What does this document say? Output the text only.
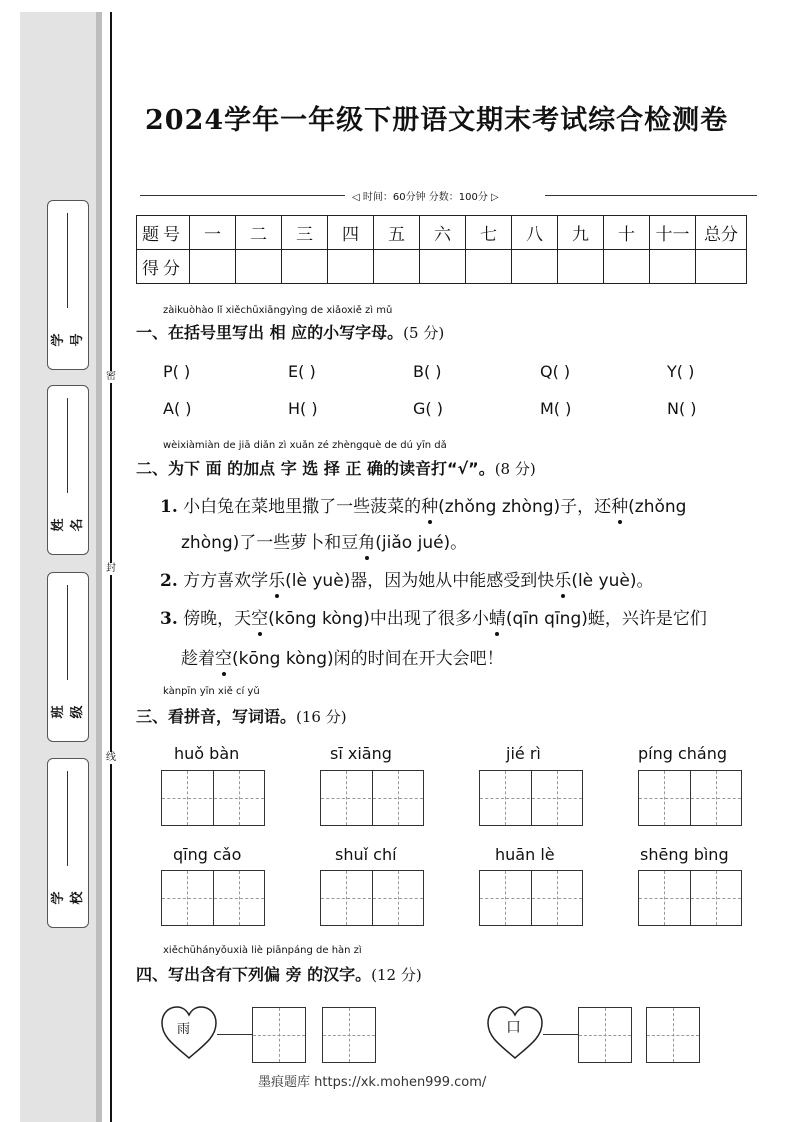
学号
姓名
班级
学校
密
封
线
2024学年一年级下册语文期末考试综合检测卷
◁ 时间：60分钟 分数：100分 ▷
题号	一	二	三	四	五	六	七	八	九	十	十一	总分
得分												
zàikuòhào lǐ xiěchūxiāngyìng de xiǎoxiě zì mǔ
一、在括号里写出 相 应的小写字母。(5 分)
P( )	E( )	B( )	Q( )	Y( )
A( )	H( )	G( )	M( )	N( )
wèixiàmiàn de jiā diǎn zì xuǎn zé zhèngquè de dú yīn dǎ
二、为下 面 的加点 字 选 择 正 确的读音打“√”。(8 分)
1. 小白兔在菜地里撒了一些菠菜的种(zhǒng zhòng)子，还种(zhǒng
zhòng)了一些萝卜和豆角(jiǎo jué)。
2. 方方喜欢学乐(lè yuè)器，因为她从中能感受到快乐(lè yuè)。
3. 傍晚，天空(kōng kòng)中出现了很多小蜻(qīn qīng)蜓，兴许是它们
趁着空(kōng kòng)闲的时间在开大会吧！
kànpīn yīn xiě cí yǔ
三、看拼音，写词语。(16 分)
huǒ bàn	sī xiāng	jié rì	píng cháng
qīng cǎo	shuǐ chí	huān lè	shēng bìng
xiěchūhányǒuxià liè piānpáng de hàn zì
四、写出含有下列偏 旁 的汉字。(12 分)
雨	口
墨痕题库 https://xk.mohen999.com/
